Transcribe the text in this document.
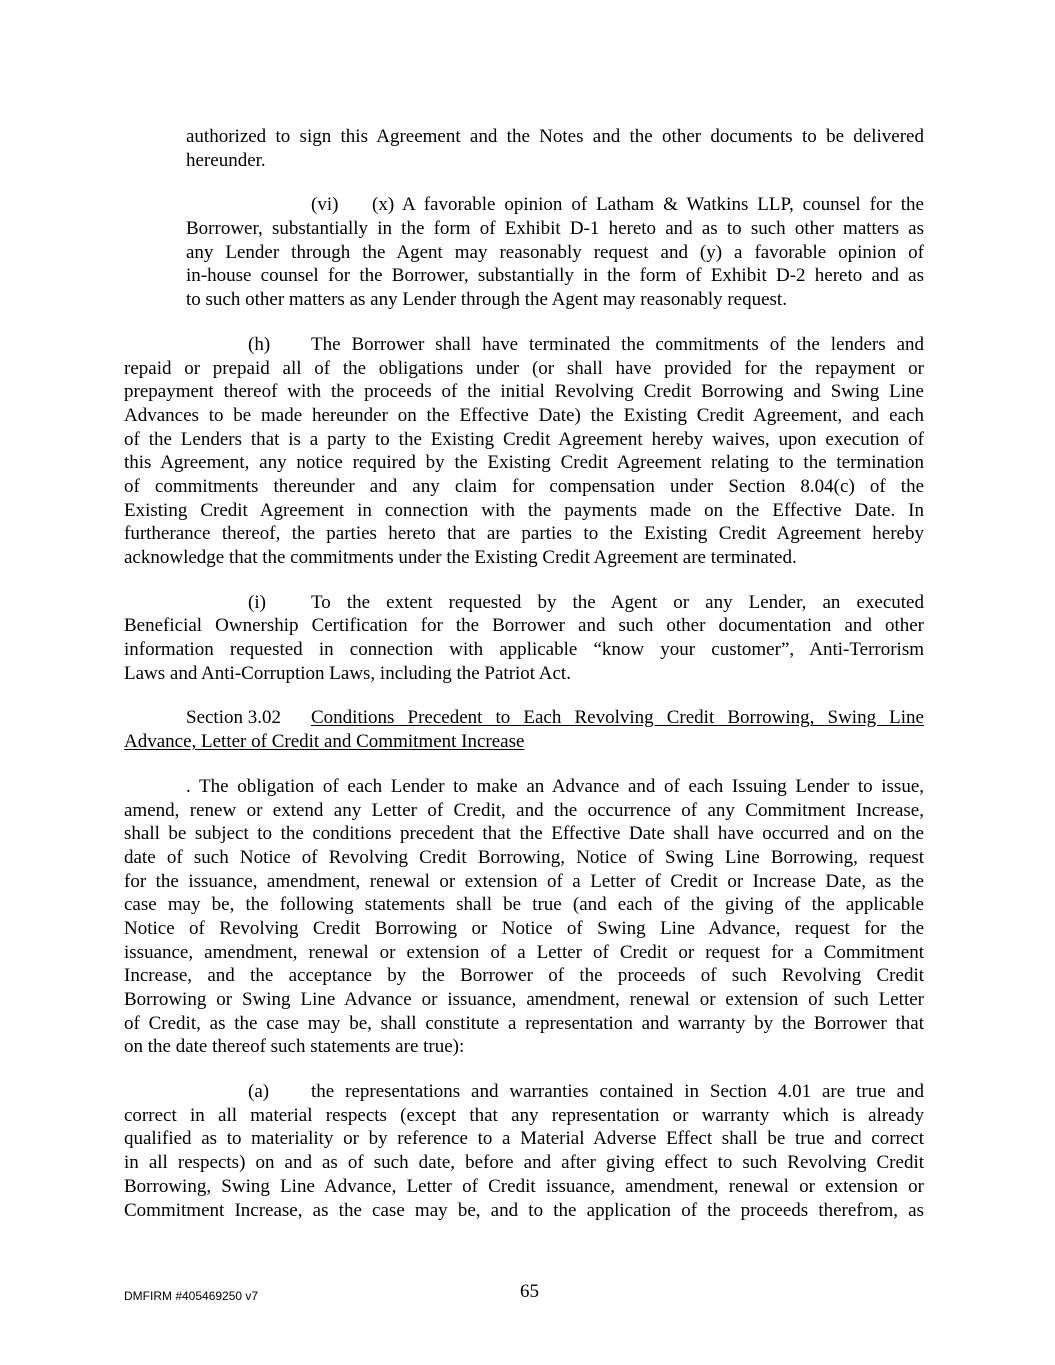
authorized to sign this Agreement and the Notes and the other documents to be delivered
hereunder.
(x) A favorable opinion of Latham & Watkins LLP, counsel for the
(vi)
Borrower, substantially in the form of Exhibit D-1 hereto and as to such other matters as
any Lender through the Agent may reasonably request and (y) a favorable opinion of
in-house counsel for the Borrower, substantially in the form of Exhibit D-2 hereto and as
to such other matters as any Lender through the Agent may reasonably request.
The Borrower shall have terminated the commitments of the lenders and
(h)
repaid or prepaid all of the obligations under (or shall have provided for the repayment or
prepayment thereof with the proceeds of the initial Revolving Credit Borrowing and Swing Line
Advances to be made hereunder on the Effective Date) the Existing Credit Agreement, and each
of the Lenders that is a party to the Existing Credit Agreement hereby waives, upon execution of
this Agreement, any notice required by the Existing Credit Agreement relating to the termination
of commitments thereunder and any claim for compensation under Section 8.04(c) of the
Existing Credit Agreement in connection with the payments made on the Effective Date. In
furtherance thereof, the parties hereto that are parties to the Existing Credit Agreement hereby
acknowledge that the commitments under the Existing Credit Agreement are terminated.
To the extent requested by the Agent or any Lender, an executed
(i)
Beneficial Ownership Certification for the Borrower and such other documentation and other
information requested in connection with applicable “know your customer”, Anti-Terrorism
Laws and Anti-Corruption Laws, including the Patriot Act.
Conditions Precedent to Each Revolving Credit Borrowing, Swing Line
Section 3.02
Advance, Letter of Credit and Commitment Increase
. The obligation of each Lender to make an Advance and of each Issuing Lender to issue,
amend, renew or extend any Letter of Credit, and the occurrence of any Commitment Increase,
shall be subject to the conditions precedent that the Effective Date shall have occurred and on the
date of such Notice of Revolving Credit Borrowing, Notice of Swing Line Borrowing, request
for the issuance, amendment, renewal or extension of a Letter of Credit or Increase Date, as the
case may be, the following statements shall be true (and each of the giving of the applicable
Notice of Revolving Credit Borrowing or Notice of Swing Line Advance, request for the
issuance, amendment, renewal or extension of a Letter of Credit or request for a Commitment
Increase, and the acceptance by the Borrower of the proceeds of such Revolving Credit
Borrowing or Swing Line Advance or issuance, amendment, renewal or extension of such Letter
of Credit, as the case may be, shall constitute a representation and warranty by the Borrower that
on the date thereof such statements are true):
the representations and warranties contained in Section 4.01 are true and
(a)
correct in all material respects (except that any representation or warranty which is already
qualified as to materiality or by reference to a Material Adverse Effect shall be true and correct
in all respects) on and as of such date, before and after giving effect to such Revolving Credit
Borrowing, Swing Line Advance, Letter of Credit issuance, amendment, renewal or extension or
Commitment Increase, as the case may be, and to the application of the proceeds therefrom, as
DMFIRM #405469250 v7	65
